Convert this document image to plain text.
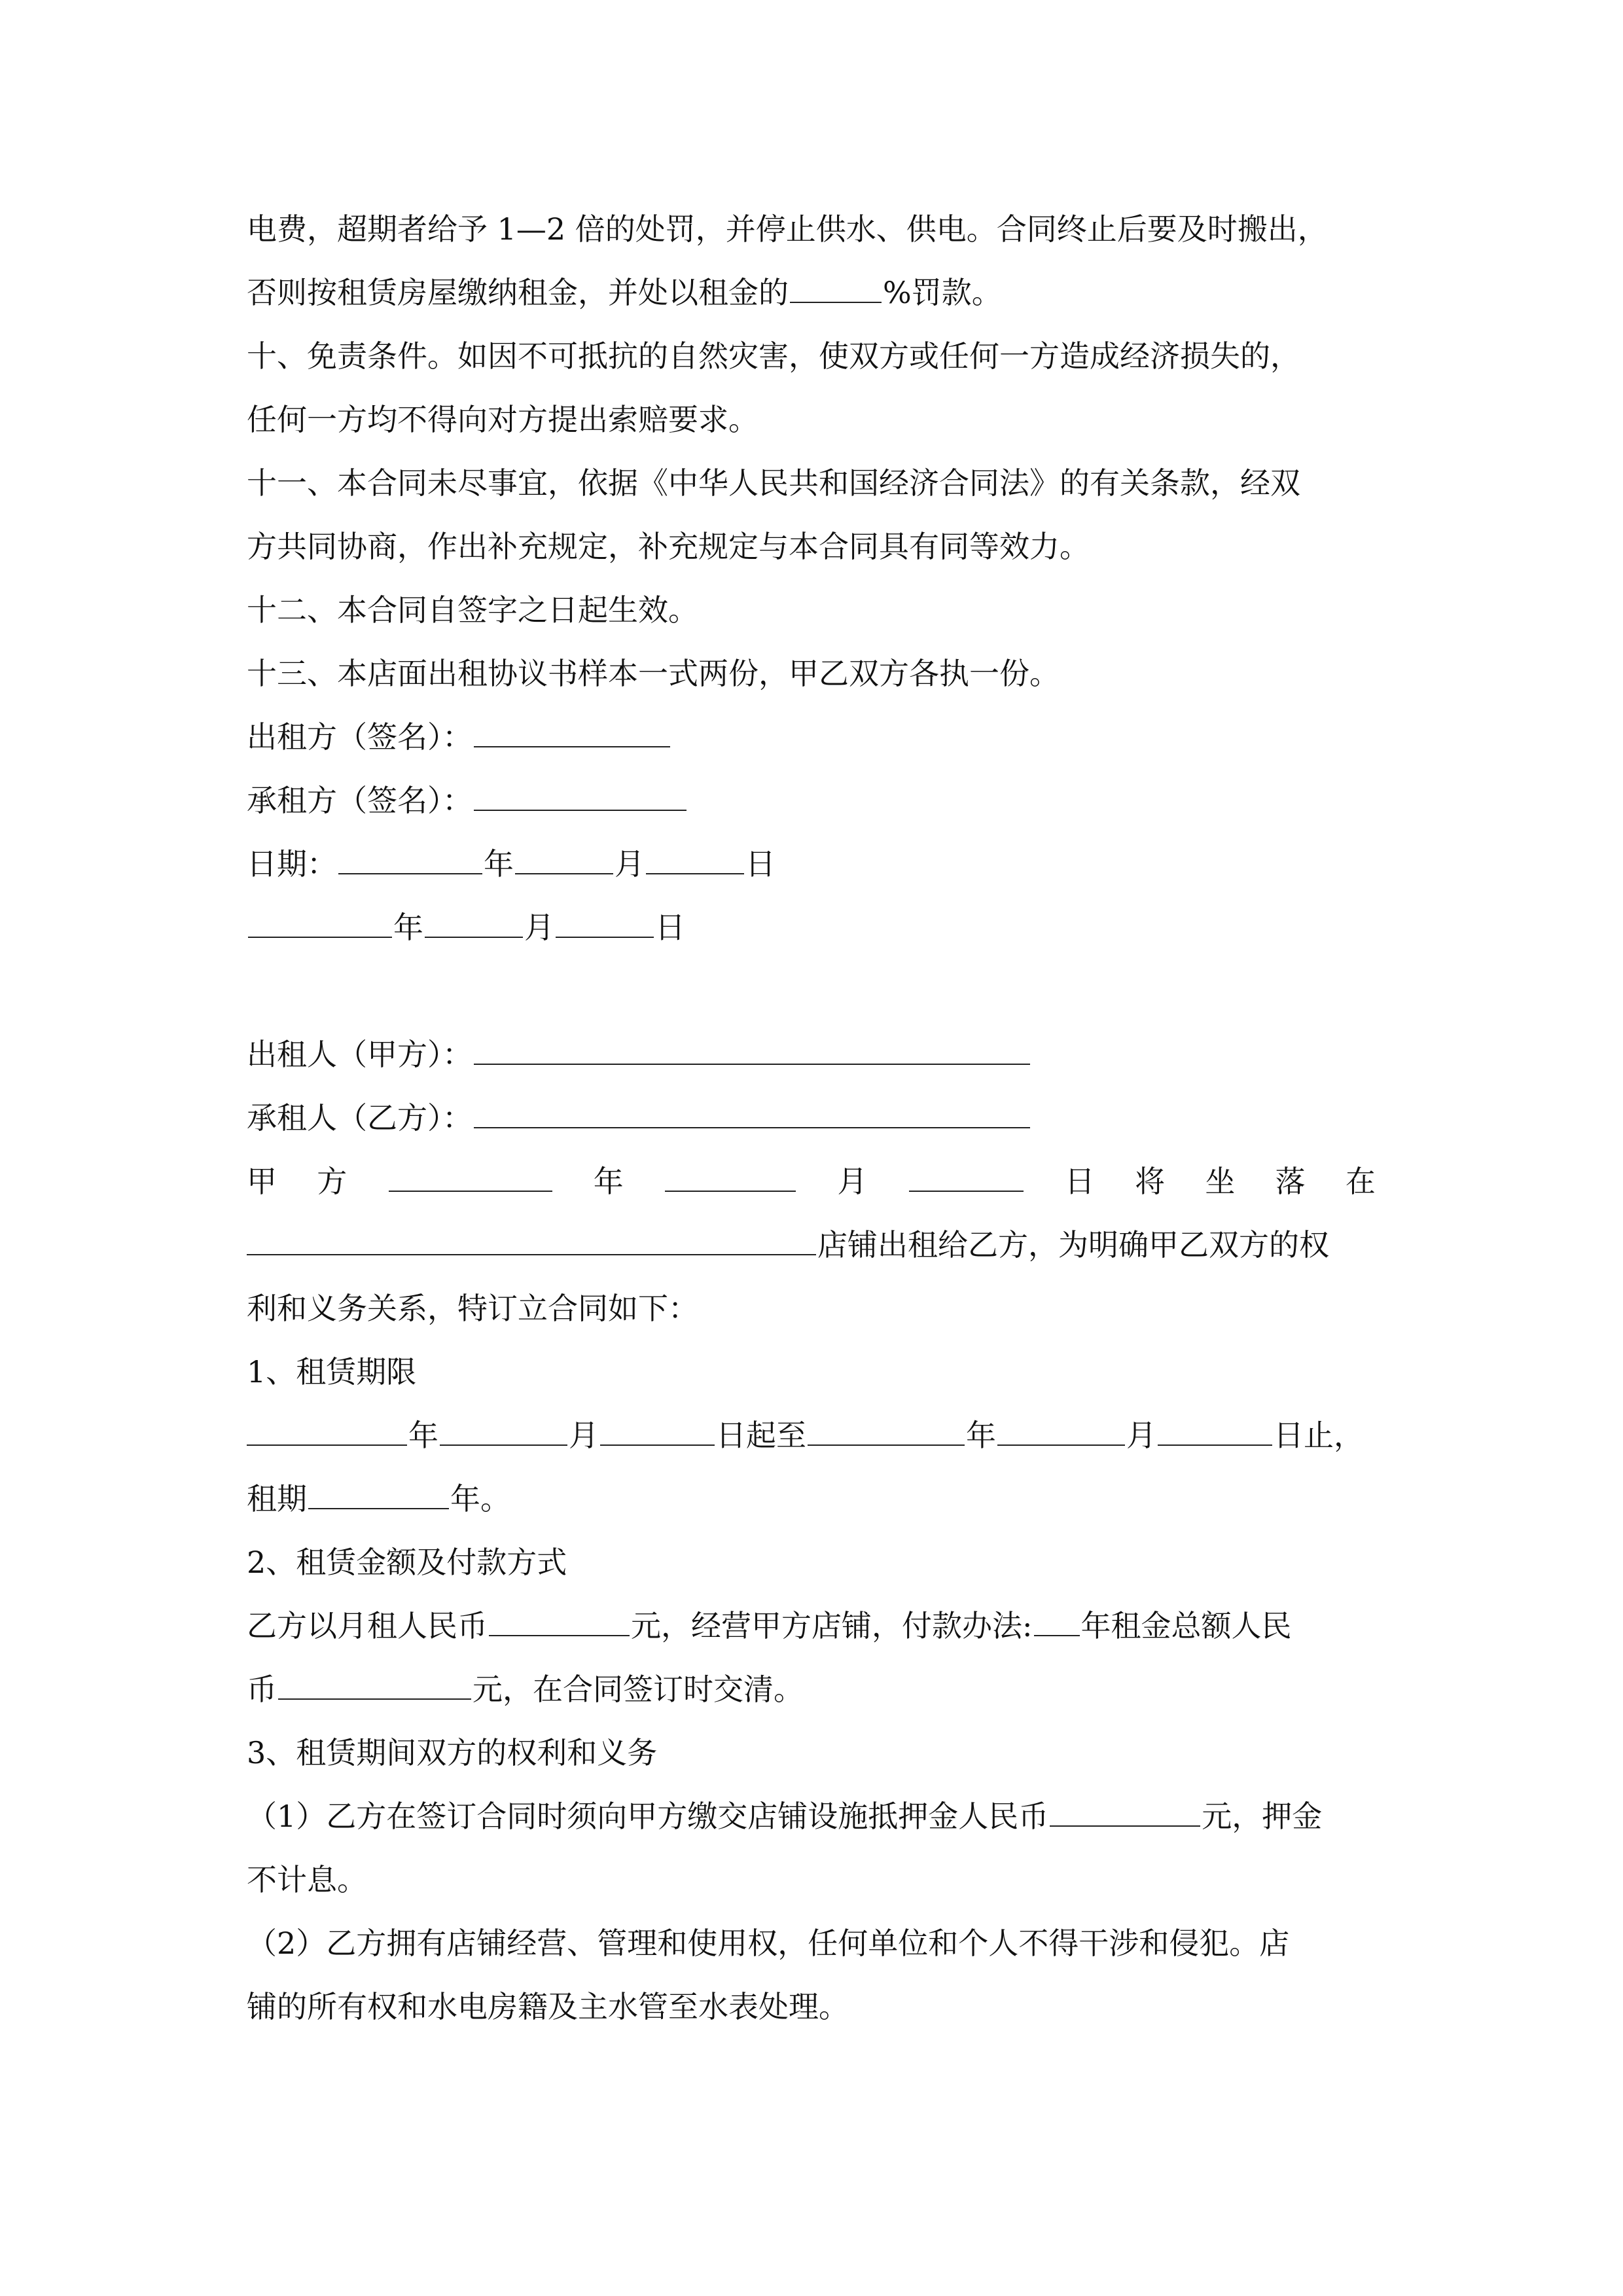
电费，超期者给予 1—2 倍的处罚，并停止供水、供电。合同终止后要及时搬出，
否则按租赁房屋缴纳租金，并处以租金的	%罚款。
十、免责条件。如因不可抵抗的自然灾害，使双方或任何一方造成经济损失的，
任何一方均不得向对方提出索赔要求。
十一、本合同未尽事宜，依据《中华人民共和国经济合同法》的有关条款，经双
方共同协商，作出补充规定，补充规定与本合同具有同等效力。
十二、本合同自签字之日起生效。
十三、本店面出租协议书样本一式两份，甲乙双方各执一份。
出租方（签名）：
承租方（签名）：
日期：	年	月	日
年	月	日
出租人（甲方）：
承租人（乙方）：
甲 方	年	月	日 将 坐 落 在
店铺出租给乙方，为明确甲乙双方的权
利和义务关系，特订立合同如下：
1、租赁期限
年	月	日起至	年	月	日止，
租期	年。
2、租赁金额及付款方式
乙方以月租人民币	元，经营甲方店铺，付款办法: 年租金总额人民
币	元，在合同签订时交清。
3、租赁期间双方的权利和义务
（1）乙方在签订合同时须向甲方缴交店铺设施抵押金人民币	元，押金
不计息。
（2）乙方拥有店铺经营、管理和使用权，任何单位和个人不得干涉和侵犯。店
铺的所有权和水电房籍及主水管至水表处理。
